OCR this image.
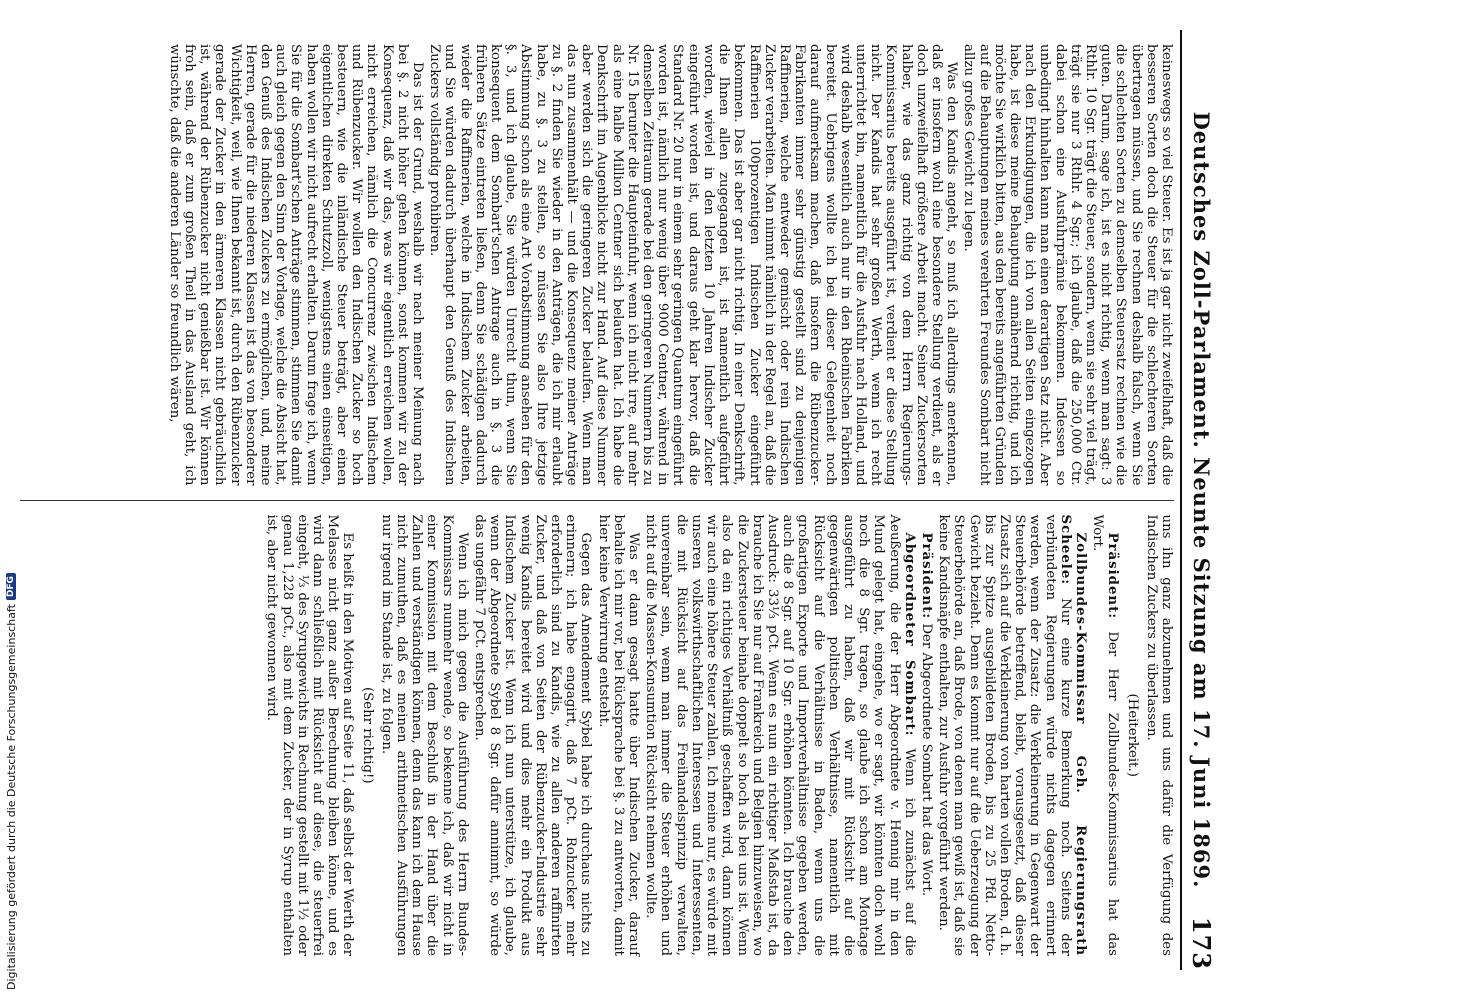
Deutsches Zoll-Parlament. Neunte Sitzung am 17. Juni 1869.
173

keineswegs so viel Steuer. Es ist ja gar nicht zweifelhaft, daß die besseren Sorten doch die Steuer für die schlechteren Sorten übertragen müssen, und Sie rechnen deshalb falsch, wenn Sie die schlechten Sorten zu demselben Steuersatz rechnen wie die guten. Darum, sage ich, ist es nicht richtig, wenn man sagt: 3 Rthlr. 10 Sgr. trägt die Steuer, sondern, wenn sie sehr viel trägt, trägt sie nur 3 Rthlr. 4 Sgr.; ich glaube, daß die 250,000 Ctr. dabei schon eine Ausfuhrprämie bekommen. Indessen so unbedingt hinhalten kann man einen derartigen Satz nicht. Aber nach den Erkundigungen, die ich von allen Seiten eingezogen habe, ist diese meine Behauptung annähernd richtig, und ich möchte Sie wirklich bitten, aus den bereits angeführten Gründen auf die Behauptungen meines verehrten Freundes Sombart nicht allzu großes Gewicht zu legen.

Was den Kandis angeht, so muß ich allerdings anerkennen, daß er insofern wohl eine besondere Stellung verdient, als er doch unzweifelhaft größere Arbeit macht. Seiner Zuckersorten halber, wie das ganz richtig von dem Herrn Regierungs-Kommissarius bereits ausgeführt ist, verdient er diese Stellung nicht. Der Kandis hat sehr großen Werth, wenn ich recht unterrichtet bin, namentlich für die Ausfuhr nach Holland, und wird deshalb wesentlich auch nur in den Rheinischen Fabriken bereitet. Uebrigens wollte ich bei dieser Gelegenheit noch darauf aufmerksam machen, daß insofern die Rübenzucker-Fabrikanten immer sehr günstig gestellt sind zu denjenigen Raffinerien, welche entweder gemischt oder rein Indischen Zucker verarbeiten. Man nimmt nämlich in der Regel an, daß die Raffinerien 100prozentigen Indischen Zucker eingeführt bekommen. Das ist aber gar nicht richtig. In einer Denkschrift, die Ihnen allen zugegangen ist, ist namentlich aufgeführt worden, wieviel in den letzten 10 Jahren Indischer Zucker eingeführt worden ist, und daraus geht klar hervor, daß die Standard Nr. 20 nur in einem sehr geringen Quantum eingeführt worden ist, nämlich nur wenig über 9000 Centner, während in demselben Zeitraum gerade bei den geringeren Nummern bis zu Nr. 15 herunter die Haupteinfuhr, wenn ich nicht irre, auf mehr als eine halbe Million Centner sich belaufen hat. Ich habe die Denkschrift im Augenblicke nicht zur Hand. Auf diese Nummer aber werden sich die geringeren Zucker belaufen. Wenn man das nun zusammenhält — und die Konsequenz meiner Anträge zu §. 2 finden Sie wieder in den Anträgen, die ich mir erlaubt habe, zu §. 3 zu stellen, so müssen Sie also Ihre jetzige Abstimmung schon als eine Art Vorabstimmung ansehen für den §. 3, und ich glaube, Sie würden Unrecht thun, wenn Sie konsequent dem Sombart'schen Antrage auch in §. 3 die früheren Sätze eintreten ließen, denn Sie schädigen dadurch wieder die Raffinerien, welche in Indischem Zucker arbeiten, und Sie würden dadurch überhaupt den Genuß des Indischen Zuckers vollständig prohibiren.

Das ist der Grund, weshalb wir nach meiner Meinung nach bei §. 2 nicht höher gehen können, sonst kommen wir zu der Konsequenz, daß wir das, was wir eigentlich erreichen wollen, nicht erreichen, nämlich die Concurrenz zwischen Indischem und Rübenzucker. Wir wollen den Indischen Zucker so hoch besteuern, wie die inländische Steuer beträgt, aber einen eigentlichen direkten Schutzzoll, wenigstens einen einseitigen, haben wollen wir nicht aufrecht erhalten. Darum frage ich, wenn Sie für die Sombart'schen Anträge stimmen, stimmen Sie damit auch gleich gegen den Sinn der Vorlage, welche die Absicht hat, den Genuß des Indischen Zuckers zu ermöglichen, und, meine Herren, gerade für die niederen Klassen ist das von besonderer Wichtigkeit, weil, wie Ihnen bekannt ist, durch den Rübenzucker gerade der Zucker in den ärmeren Klassen nicht gebräuchlich ist, während der Rübenzucker nicht genießbar ist. Wir können froh sein, daß er zum großen Theil in das Ausland geht, ich wünschte, daß die anderen Länder so freundlich wären,

uns ihn ganz abzunehmen und uns dafür die Verfügung des Indischen Zuckers zu überlassen.

(Heiterkeit.)

Präsident: Der Herr Zollbundes-Kommissarius hat das Wort.

Zollbundes-Kommissar Geh. Regierungsrath Scheele: Nur eine kurze Bemerkung noch. Seitens der verbündeten Regierungen würde nichts dagegen erinnert werden, wenn der Zusatz: die Verkleinerung in Gegenwart der Steuerbehörde betreffend, bleibt, vorausgesetzt, daß dieser Zusatz sich auf die Verkleinerung von harten vollen Broden, d. h. bis zur Spitze ausgebildeten Broden, bis zu 25 Pfd. Netto-Gewicht bezieht. Denn es kommt nur auf die Ueberzeugung der Steuerbehörde an, daß Brode, von denen man gewiß ist, daß sie keine Kandisnäpfe enthalten, zur Ausfuhr vorgeführt werden.

Präsident: Der Abgeordnete Sombart hat das Wort.

Abgeordneter Sombart: Wenn ich zunächst auf die Aeußerung, die der Herr Abgeordnete v. Hennig mir in den Mund gelegt hat, eingehe, wo er sagt, wir könnten doch wohl noch die 8 Sgr. tragen, so glaube ich schon am Montage ausgeführt zu haben, daß wir mit Rücksicht auf die gegenwärtigen politischen Verhältnisse, namentlich mit Rücksicht auf die Verhältnisse in Baden, wenn uns die großartigen Exporte und Importverhältnisse gegeben werden, auch die 8 Sgr. auf 10 Sgr. erhöhen könnten. Ich brauche den Ausdruck: 33⅓ pCt. Wenn es nun ein richtiger Maßstab ist, da brauche ich Sie nur auf Frankreich und Belgien hinzuweisen, wo die Zuckersteuer beinahe doppelt so hoch als bei uns ist. Wenn also da ein richtiges Verhältniß geschaffen wird, dann können wir auch eine höhere Steuer zahlen. Ich meine nur, es würde mit unseren volkswirthschaftlichen Interessen und Interessenten, die mit Rücksicht auf das Freihandelsprinzip verwalten, unvereinbar sein, wenn man immer die Steuer erhöhen und nicht auf die Massen-Konsumtion Rücksicht nehmen wollte.

Was er dann gesagt hatte über Indischen Zucker, darauf behalte ich mir vor, bei Rücksprache bei §. 3 zu antworten, damit hier keine Verwirrung entsteht.

Gegen das Amendement Sybel habe ich durchaus nichts zu erinnern; ich habe engagirt, daß 7 pCt. Rohzucker mehr erforderlich sind zu Kandis, wie zu allen anderen raffinirten Zucker, und daß von Seiten der Rübenzucker-Industrie sehr wenig Kandis bereitet wird und dies mehr ein Produkt aus Indischem Zucker ist. Wenn ich nun unterstütze, ich glaube, wenn der Abgeordnete Sybel 8 Sgr. dafür annimmt, so würde das ungefähr 7 pCt. entsprechen.

Wenn ich mich gegen die Ausführung des Herrn Bundes-Kommissars nunmehr wende, so bekenne ich, daß wir nicht in einer Kommission mit dem Beschluß in der Hand über die Zahlen und verständigen können, denn das kann ich dem Hause nicht zumuthen, daß es meinen arithmetischen Ausführungen nur irgend im Stande ist, zu folgen.

(Sehr richtig!)

Es heißt in den Motiven auf Seite 11, daß selbst der Werth der Melasse nicht ganz außer Berechnung bleiben könne, und es wird dann schließlich mit Rücksicht auf diese, die steuerfrei eingeht, ⅓ des Syrupgewichts in Rechnung gestellt mit 1½ oder genau 1,228 pCt., also mit dem Zucker, der in Syrup enthalten ist, aber nicht gewonnen wird.

Digitalisierung gefördert durch die Deutsche Forschungsgemeinschaft
DFG
